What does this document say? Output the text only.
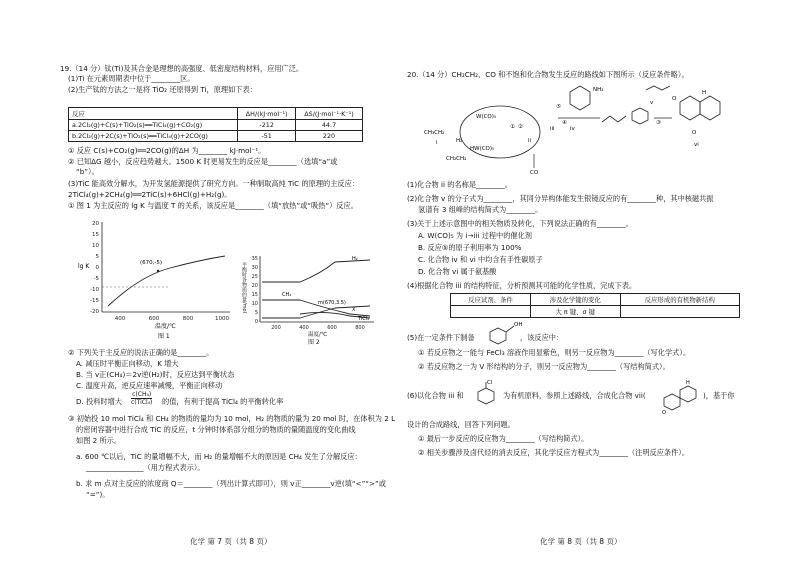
19.（14 分）钛(Ti)及其合金是理想的高强度、低密度结构材料，应用广泛。
(1)Ti 在元素周期表中位于________区。
(2)生产钛的方法之一是将 TiO₂ 还原得到 Ti，原理如下表：
反应	ΔH/(kJ·mol⁻¹)	ΔS/(J·mol⁻¹·K⁻¹)
a.2Cl₂(g)+C(s)+TiO₂(s)══TiCl₄(g)+CO₂(g)	-212	44.7
b.2Cl₂(g)+2C(s)+TiO₂(s)══TiCl₄(g)+2CO(g)	-51	220
① 反应 C(s)+CO₂(g)══2CO(g)的ΔH 为________ kJ·mol⁻¹。
② 已知ΔG 越小，反应趋势越大。1500 K 时更易发生的反应是________（选填“a”或
“b”）。
(3)TiC 能高效分解水，为开发氢能源提供了研究方向。一种制取高纯 TiC 的原理的主反应：
2TiCl₄(g)+2CH₄(g)══2TiC(s)+6HCl(g)+H₂(g)。
① 图 1 为主反应的 lg K 与温度 T 的关系，该反应是________（填“放热”或“吸热”）反应。
20
15
10
5
0
-5
-10
-15
-20
400	600	800	1000
(670,-5)
lg K
温度/℃
图 1
35
30
25
20
15
10
5
0
200	400	600	800
H₂
CH₄
m(670,3.5)
X
TiCl₄
温度/℃
平衡时各物质的量/mol
图 2
② 下列关于主反应的说法正确的是________。
A. 减压时平衡正向移动，K 增大
B. 当 v正(CH₄)＝2v逆(H₂)时，反应达到平衡状态
C. 温度升高，逆反应速率减慢，平衡正向移动
D. 投料时增大
c(CH₄)
c(TiCl₄) 的值，有利于提高 TiCl₄ 的平衡转化率
③ 初始投 10 mol TiCl₄ 和 CH₄ 的物质的量均为 10 mol，H₂ 的物质的量为 20 mol 时，在体积为 2 L
的密闭容器中进行合成 TiC 的反应，t 分钟时体系部分组分的物质的量随温度的变化曲线
如图 2 所示。
a. 600 ℃以后，TiC 的量增幅不大，而 H₂ 的量增幅不大的原因是 CH₄ 发生了分解反应：
________________（用方程式表示）。
b. 求 m 点对主反应的浓度商 Q＝________（列出计算式即可），则 v正________v逆(填“<”“>”或
“=”)。
化学 第 7 页（共 8 页）
20.（14 分）CH₂CH₂、CO 和不饱和化合物发生反应的路线如下图所示（反应条件略）。
W(CO)₅
HW(CO)₅
H₂
CH₃CH₂
i
CH₂CH₂
ii
CO
iii
NH₂
④
iv
③
O
v
H
O
vi
① ②
⑤
(1)化合物 ii 的名称是________。
(2)化合物 v 的分子式为________，其同分异构体能发生银镜反应的有________种，其中核磁共振
氢谱有 3 组峰的结构简式为________。
(3)关于上述示意图中的相关物质及转化，下列说法正确的有________。
A. W(CO)₅ 为 i→iii 过程中的催化剂
B. 反应⑤的原子利用率为 100%
C. 化合物 iv 和 vi 中均含有手性碳原子
D. 化合物 vi 属于氨基酸
(4)根据化合物 iii 的结构特征，分析预测其可能的化学性质，完成下表。
反应试剂、条件	涉及化学键的变化	反应形成的有机物新结构
	大 π 键、σ 键	
(5)在一定条件下制备
OH
，该反应中：
① 若反应物之一能与 FeCl₃ 溶液作用显紫色，则另一反应物为________（写化学式）。
② 若反应物之一为 V 形结构的分子，则另一反应物为________（写结构简式）。
(6)以化合物 iii 和
Cl
为有机原料，参照上述路线，合成化合物 vii(
H
O
)，基于你
设计的合成路线，回答下列问题。
① 最后一步反应的反应物为________（写结构简式）。
② 相关步骤涉及卤代烃的消去反应，其化学反应方程式为________（注明反应条件）。
化学 第 8 页（共 8 页）
